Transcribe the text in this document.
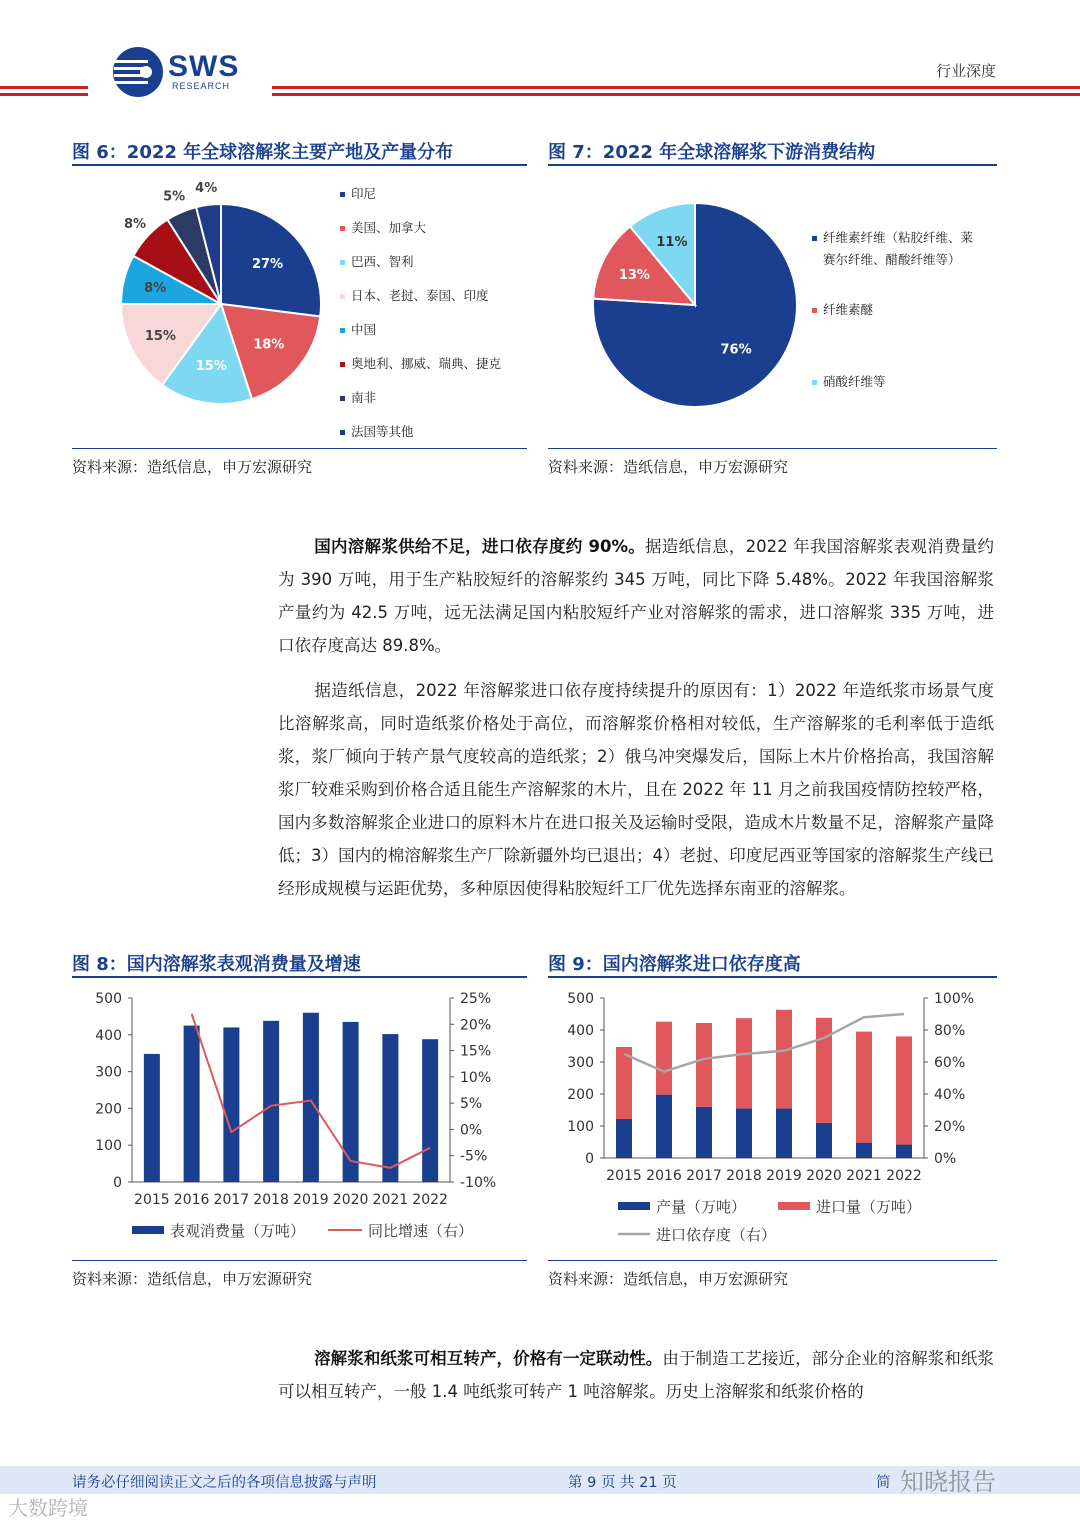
SWS
RESEARCH
行业深度
图 6：2022 年全球溶解浆主要产地及产量分布
27%
18%
15%
15%
8%
8%
5%
4%	印尼
美国、加拿大
巴西、智利
日本、老挝、泰国、印度
中国
奥地利、挪威、瑞典、捷克
南非
法国等其他
资料来源：造纸信息，申万宏源研究
图 7：2022 年全球溶解浆下游消费结构
76%
13%
11%	纤维素纤维（粘胶纤维、莱
赛尔纤维、醋酸纤维等）
纤维素醚
硝酸纤维等
资料来源：造纸信息，申万宏源研究
国内溶解浆供给不足，进口依存度约 90%。据造纸信息，2022 年我国溶解浆表观消费量约为 390 万吨，用于生产粘胶短纤的溶解浆约 345 万吨，同比下降 5.48%。2022 年我国溶解浆产量约为 42.5 万吨，远无法满足国内粘胶短纤产业对溶解浆的需求，进口溶解浆 335 万吨，进口依存度高达 89.8%。
据造纸信息，2022 年溶解浆进口依存度持续提升的原因有：1）2022 年造纸浆市场景气度比溶解浆高，同时造纸浆价格处于高位，而溶解浆价格相对较低，生产溶解浆的毛利率低于造纸浆，浆厂倾向于转产景气度较高的造纸浆；2）俄乌冲突爆发后，国际上木片价格抬高，我国溶解浆厂较难采购到价格合适且能生产溶解浆的木片，且在 2022 年 11 月之前我国疫情防控较严格，国内多数溶解浆企业进口的原料木片在进口报关及运输时受限，造成木片数量不足，溶解浆产量降低；3）国内的棉溶解浆生产厂除新疆外均已退出；4）老挝、印度尼西亚等国家的溶解浆生产线已经形成规模与运距优势，多种原因使得粘胶短纤工厂优先选择东南亚的溶解浆。
图 8：国内溶解浆表观消费量及增速
0
100
200
300
400
500
-10%
-5%
0%
5%
10%
15%
20%
25%
2015 2016 2017 2018 2019 2020 2021 2022
表观消费量（万吨）	同比增速（右）
资料来源：造纸信息，申万宏源研究
图 9：国内溶解浆进口依存度高
0
100
200
300
400
500
0%
20%
40%
60%
80%
100%
2015 2016 2017 2018 2019 2020 2021 2022
产量（万吨）	进口量（万吨）
进口依存度（右）
资料来源：造纸信息，申万宏源研究
溶解浆和纸浆可相互转产，价格有一定联动性。由于制造工艺接近，部分企业的溶解浆和纸浆可以相互转产，一般 1.4 吨纸浆可转产 1 吨溶解浆。历史上溶解浆和纸浆价格的
请务必仔细阅读正文之后的各项信息披露与声明	第 9 页 共 21 页	简 知晓报告
大数跨境
